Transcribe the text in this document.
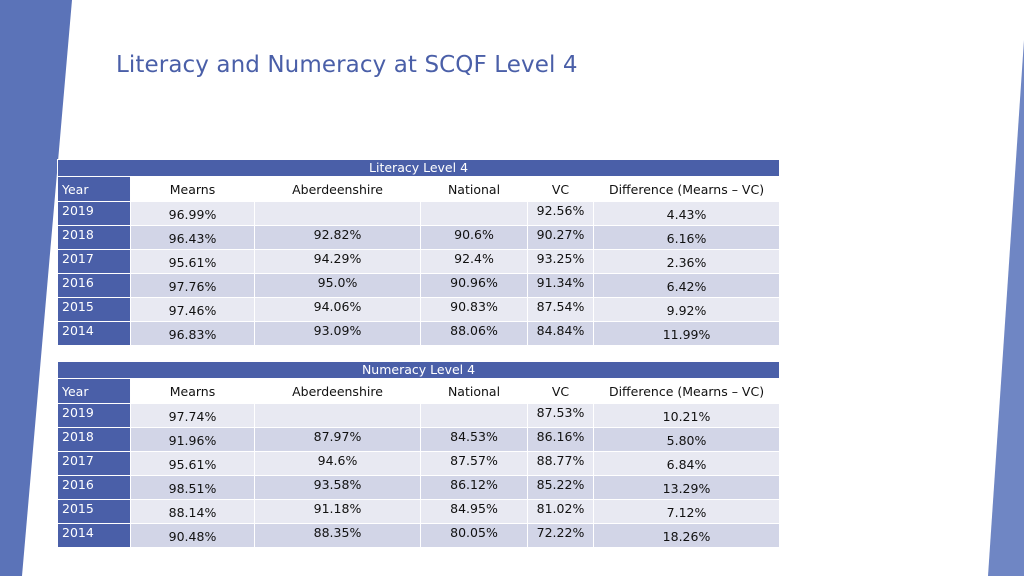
Literacy and Numeracy at SCQF Level 4
Literacy Level 4					
Year	Mearns	Aberdeenshire	National	VC	Difference (Mearns – VC)
2019	96.99%			92.56%	4.43%
2018	96.43%	92.82%	90.6%	90.27%	6.16%
2017	95.61%	94.29%	92.4%	93.25%	2.36%
2016	97.76%	95.0%	90.96%	91.34%	6.42%
2015	97.46%	94.06%	90.83%	87.54%	9.92%
2014	96.83%	93.09%	88.06%	84.84%	11.99%
Numeracy Level 4					
Year	Mearns	Aberdeenshire	National	VC	Difference (Mearns – VC)
2019	97.74%			87.53%	10.21%
2018	91.96%	87.97%	84.53%	86.16%	5.80%
2017	95.61%	94.6%	87.57%	88.77%	6.84%
2016	98.51%	93.58%	86.12%	85.22%	13.29%
2015	88.14%	91.18%	84.95%	81.02%	7.12%
2014	90.48%	88.35%	80.05%	72.22%	18.26%
